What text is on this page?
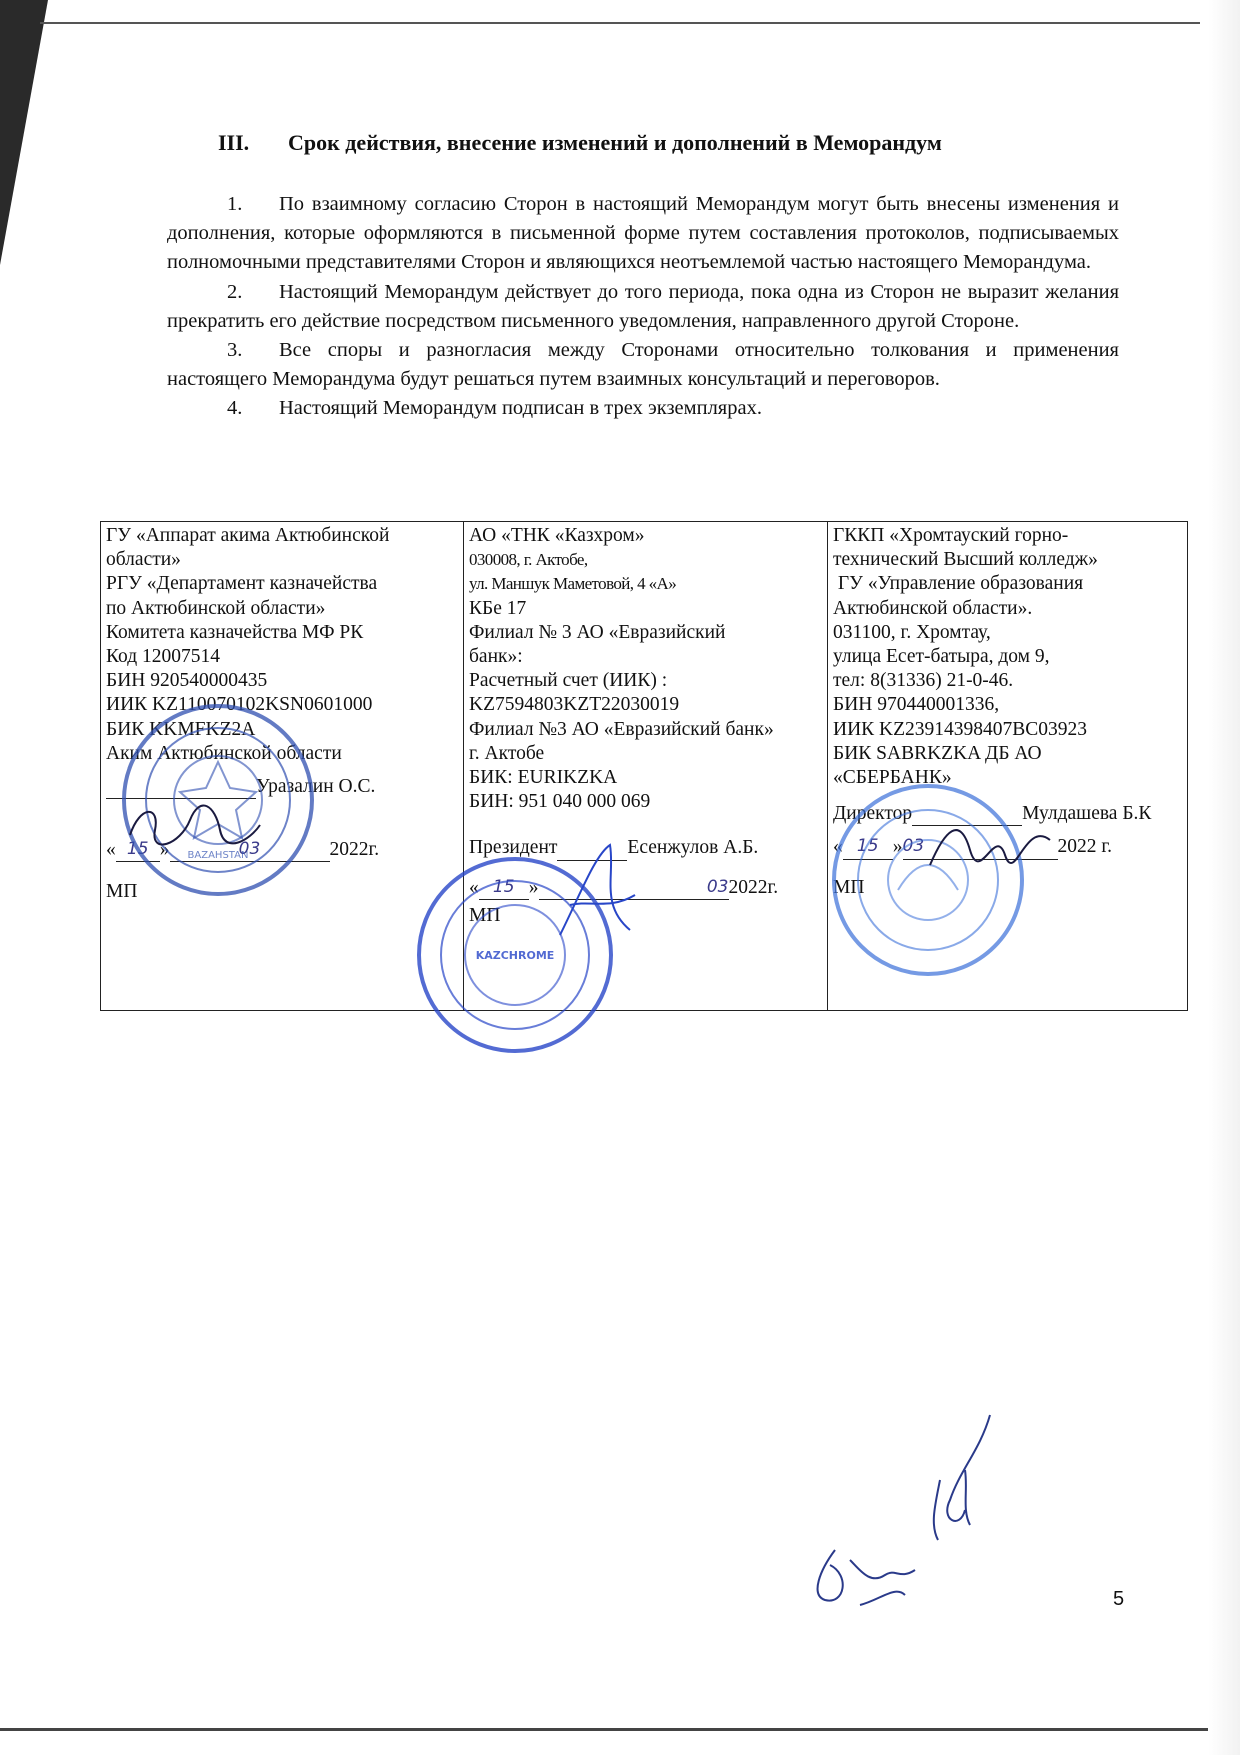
III. Срок действия, внесение изменений и дополнений в Меморандум

1. По взаимному согласию Сторон в настоящий Меморандум могут быть внесены изменения и дополнения, которые оформляются в письменной форме путем составления протоколов, подписываемых полномочными представителями Сторон и являющихся неотъемлемой частью настоящего Меморандума.

2. Настоящий Меморандум действует до того периода, пока одна из Сторон не выразит желания прекратить его действие посредством письменного уведомления, направленного другой Стороне.

3. Все споры и разногласия между Сторонами относительно толкования и применения настоящего Меморандума будут решаться путем взаимных консультаций и переговоров.

4. Настоящий Меморандум подписан в трех экземплярах.

ГУ «Аппарат акима Актюбинской
области»
РГУ «Департамент казначейства
по Актюбинской области»
Комитета казначейства МФ РК
Код 12007514
БИН 920540000435
ИИК KZ110070102KSN0601000
БИК KKMFKZ2A
Аким Актюбинской области
Уразалин О.С.
« 15 »	03	2022г.
МП

АО «ТНК «Казхром»
030008, г. Актобе,
ул. Маншук Маметовой, 4 «А»
КБе 17
Филиал № 3 АО «Евразийский
банк»:
Расчетный счет (ИИК) :
KZ7594803KZT22030019
Филиал №3 АО «Евразийский банк»
г. Актобе
БИК: EURIKZKA
БИН: 951 040 000 069
Президент	Есенжулов А.Б.
« 15 »	032022г.
МП

ГККП «Хромтауский горно-
технический Высший колледж»
ГУ «Управление образования
Актюбинской области».
031100, г. Хромтау,
улица Есет-батыра, дом 9,
тел: 8(31336) 21-0-46.
БИН 970440001336,
ИИК KZ23914398407BC03923
БИК SABRKZKA ДБ АО
«СБЕРБАНК»
Директор	Мулдашева Б.К
« 15 »03	2022 г.
МП
BAZAHSTAN
KAZCHROME
5
